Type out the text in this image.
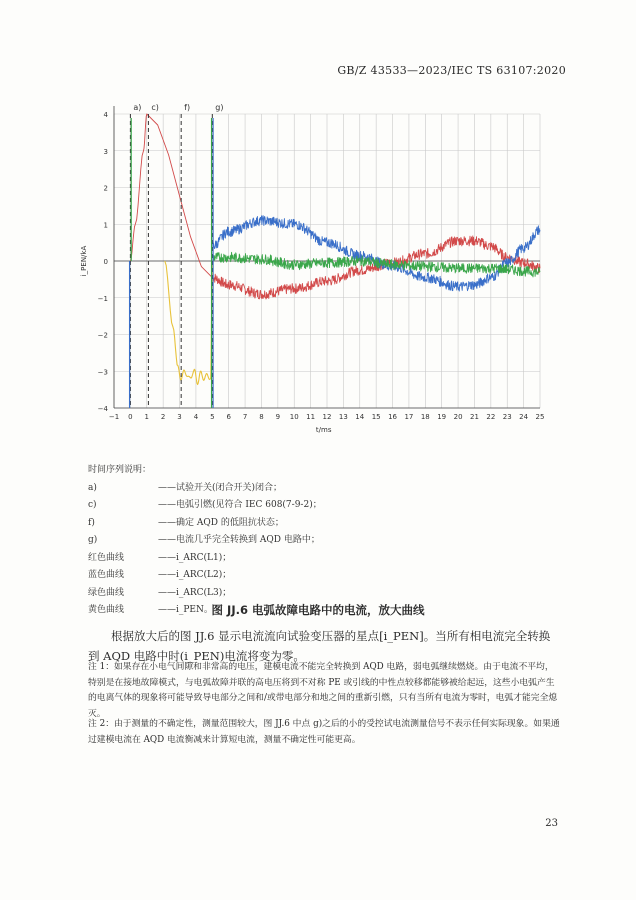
GB/Z 43533—2023/IEC TS 63107:2020
−1 0 1 2 3 4 5 6 7 8 9 10 11 12 13 14 15 16 17 18 19 20 21 22 23 24 25
4
3
2
1
0
−1
−2
−3
−4
t/ms
i_PEN/kA
a) c)	f)	g)
时间序列说明：
a)	——试验开关(闭合开关)闭合；
c)	——电弧引燃(见符合 IEC 608(7-9-2)；
f)	——确定 AQD 的低阻抗状态；
g)	——电流几乎完全转换到 AQD 电路中；
红色曲线	——i_ARC(L1)；
蓝色曲线	——i_ARC(L2)；
绿色曲线	——i_ARC(L3)；
黄色曲线	——i_PEN。
图 JJ.6 电弧故障电路中的电流，放大曲线
根据放大后的图 JJ.6 显示电流流向试验变压器的星点[i_PEN]。当所有相电流完全转换到 AQD 电路中时(i_PEN)电流将变为零。
注 1：如果存在小电气间隙和非常高的电压，建模电流不能完全转换到 AQD 电路，弱电弧继续燃烧。由于电流不平均，特别是在接地故障模式，与电弧故障并联的高电压将到不对称 PE 或引线的中性点较移都能够被给起远，这些小电弧产生的电离气体的现象将可能导致导电部分之间和/或带电部分和地之间的重新引燃，只有当所有电流为零时，电弧才能完全熄灭。
注 2：由于测量的不确定性，测量范围较大，图 JJ.6 中点 g)之后的小的受控试电流测量信号不表示任何实际现象。如果通过建模电流在 AQD 电流衡减来计算短电流，测量不确定性可能更高。
23
